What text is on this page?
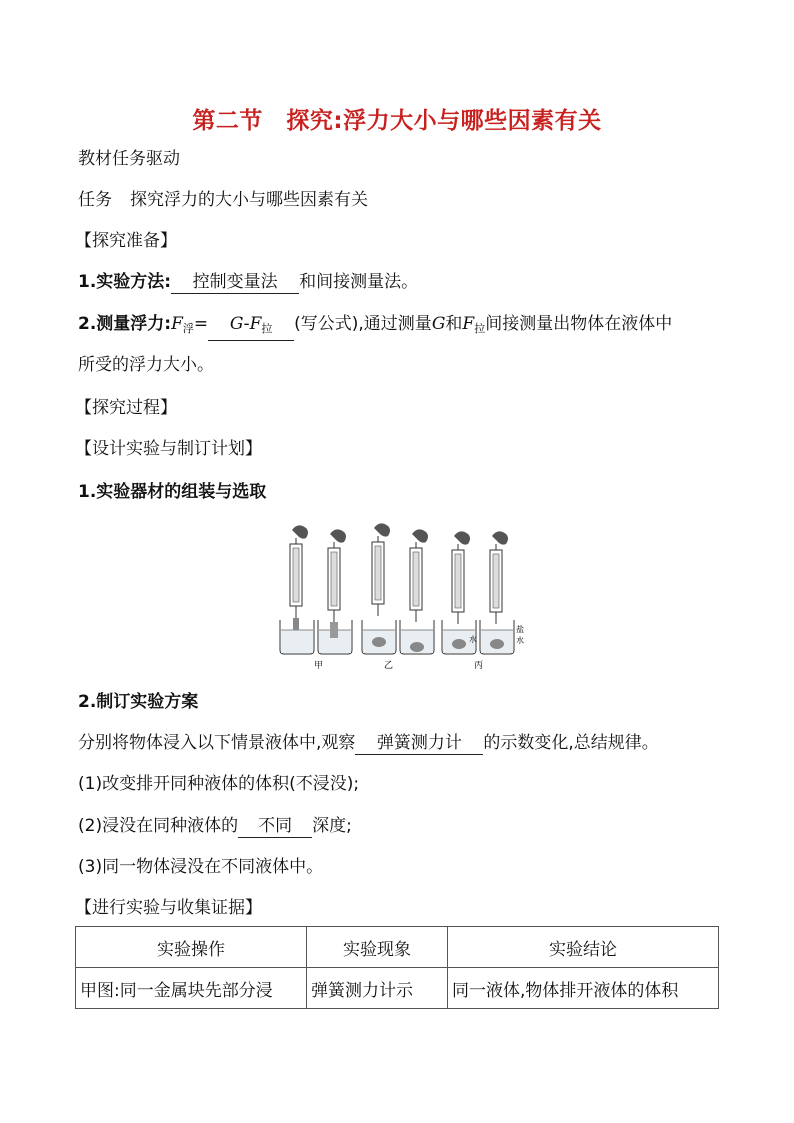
第二节　探究:浮力大小与哪些因素有关
教材任务驱动
任务 探究浮力的大小与哪些因素有关
【探究准备】
1.实验方法: 控制变量法 和间接测量法。
2.测量浮力$:F_浮= G-F_拉$ (写公式),通过测量G和$F_拉$间接测量出物体在液体中
所受的浮力大小。
【探究过程】
【设计实验与制订计划】
1.实验器材的组装与选取
甲	乙	丙
水
盐
水
2.制订实验方案
分别将物体浸入以下情景液体中,观察 弹簧测力计 的示数变化,总结规律。
(1)改变排开同种液体的体积(不浸没);
(2)浸没在同种液体的 不同 深度;
(3)同一物体浸没在不同液体中。
【进行实验与收集证据】
实验操作	实验现象	实验结论
甲图:同一金属块先部分浸	弹簧测力计示	同一液体,物体排开液体的体积
